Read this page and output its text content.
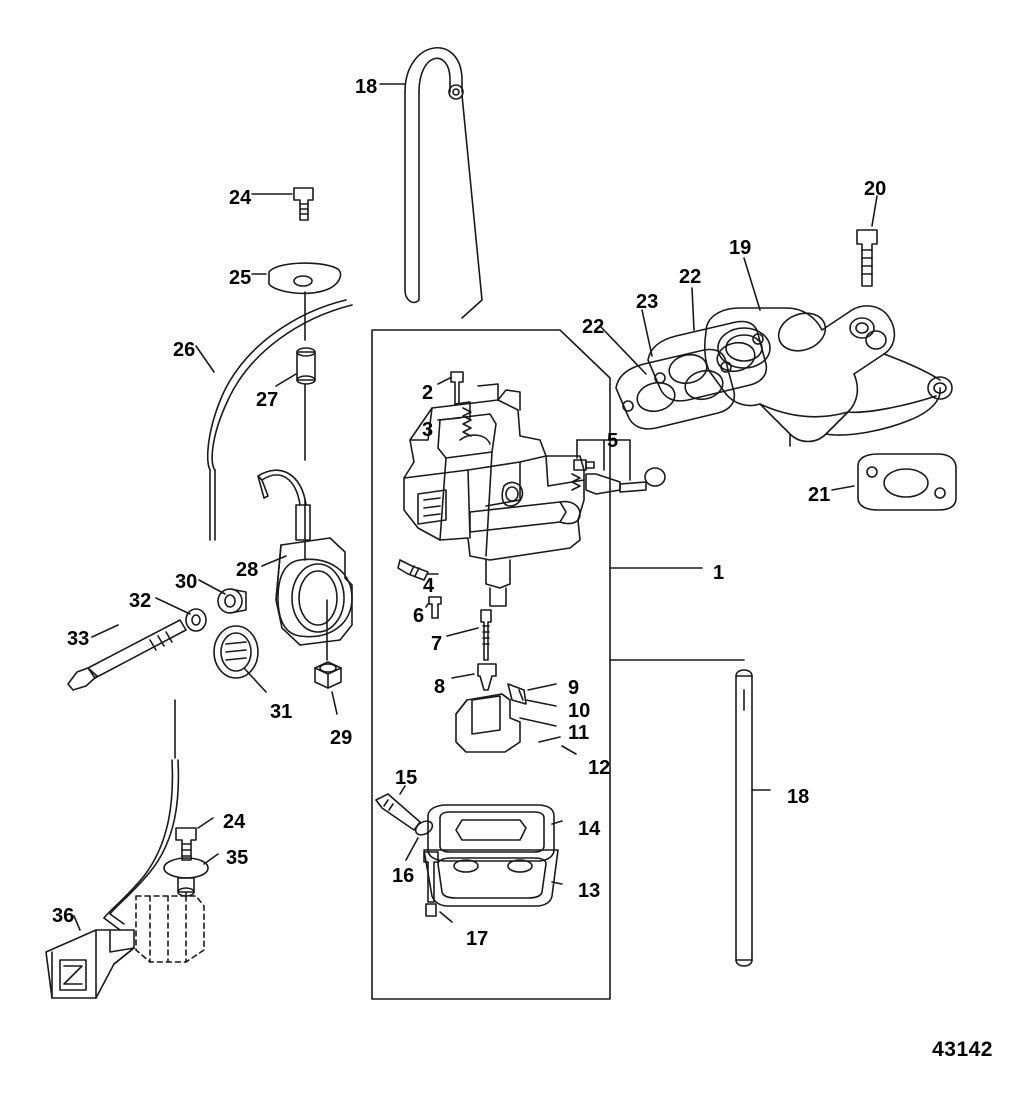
18
24	20
19
25	22
23
22
26
2
27
3	5
21
1
28
30	4
32
6
33	7
8	9
10
31
11
29
12
15
18
24	14
35
16
13
36
17
43142
